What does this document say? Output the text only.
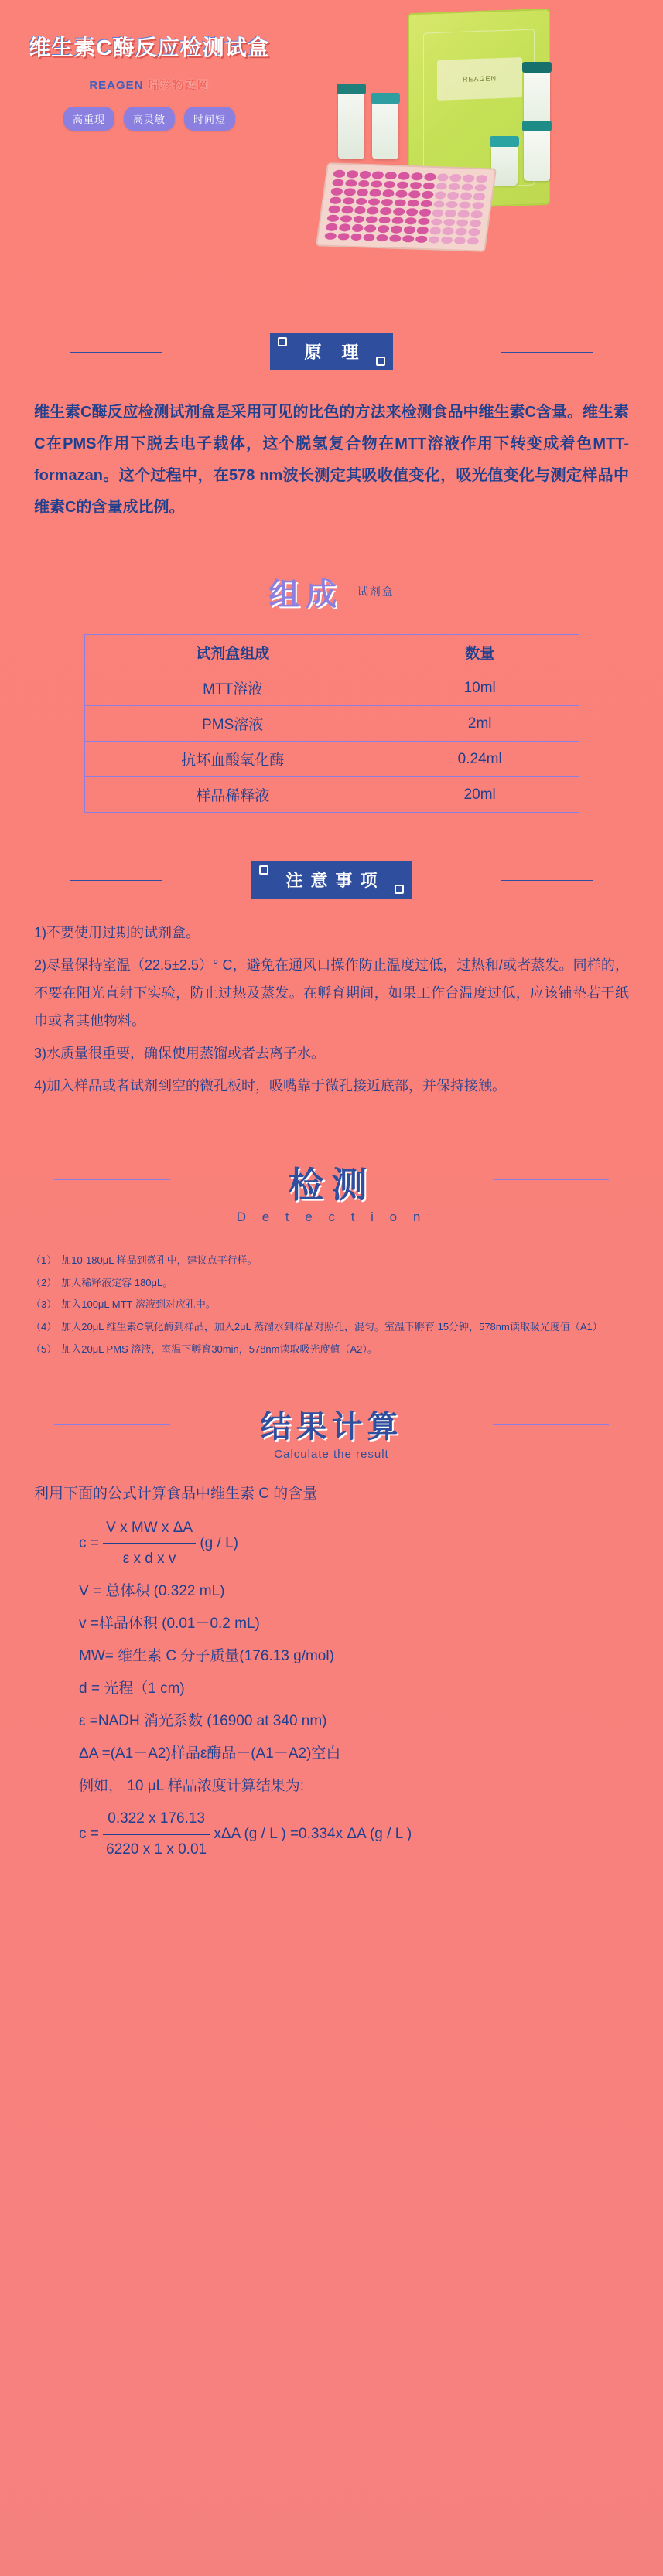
REAGEN
维生素C酶反应检测试盒
REAGEN 瑞珍物链网
高重现	高灵敏	时间短
原 理
维生素C酶反应检测试剂盒是采用可见的比色的方法来检测食品中维生素C含量。维生素C在PMS作用下脱去电子载体，这个脱氢复合物在MTT溶液作用下转变成着色MTT-formazan。这个过程中，在578 nm波长测定其吸收值变化，吸光值变化与测定样品中维素C的含量成比例。
组成 试剂盒
试剂盒组成	数量
MTT溶液	10ml
PMS溶液	2ml
抗坏血酸氧化酶	0.24ml
样品稀释液	20ml
注意事项

1)不要使用过期的试剂盒。

2)尽量保持室温（22.5±2.5）° C，避免在通风口操作防止温度过低，过热和/或者蒸发。同样的，不要在阳光直射下实验，防止过热及蒸发。在孵育期间，如果工作台温度过低，应该铺垫若干纸巾或者其他物料。

3)水质量很重要，确保使用蒸馏或者去离子水。

4)加入样品或者试剂到空的微孔板时，吸嘴靠于微孔接近底部，并保持接触。

检测
D e t e c t i o n
（1） 加10-180μL 样品到微孔中，建议点平行样。
（2） 加入稀释液定容 180μL。
（3） 加入100μL MTT 溶液到对应孔中。
（4） 加入20μL 维生素C氧化酶到样品，加入2μL 蒸馏水到样品对照孔，混匀。室温下孵育 15分钟，578nm读取吸光度值（A1）
（5） 加入20μL PMS 溶液，室温下孵育30min，578nm读取吸光度值（A2）。
结果计算
Calculate the result
利用下面的公式计算食品中维生素 C 的含量
$c = \frac{\text{V x MW x ΔA}}{\text{ε x d x v}} (g / L)$
V = 总体积 (0.322 mL)
v =样品体积 (0.01－0.2 mL)
MW= 维生素 C 分子质量(176.13 g/mol)
d = 光程（1 cm)
ε =NADH 消光系数 (16900 at 340 nm)
ΔA =(A1－A2)样品ε酶品－(A1－A2)空白
例如， 10 μL 样品浓度计算结果为:
$c = \frac{0.322 x 176.13}{6220 x 1 x 0.01}$ xΔA (g / L ) =0.334x ΔA (g / L )
